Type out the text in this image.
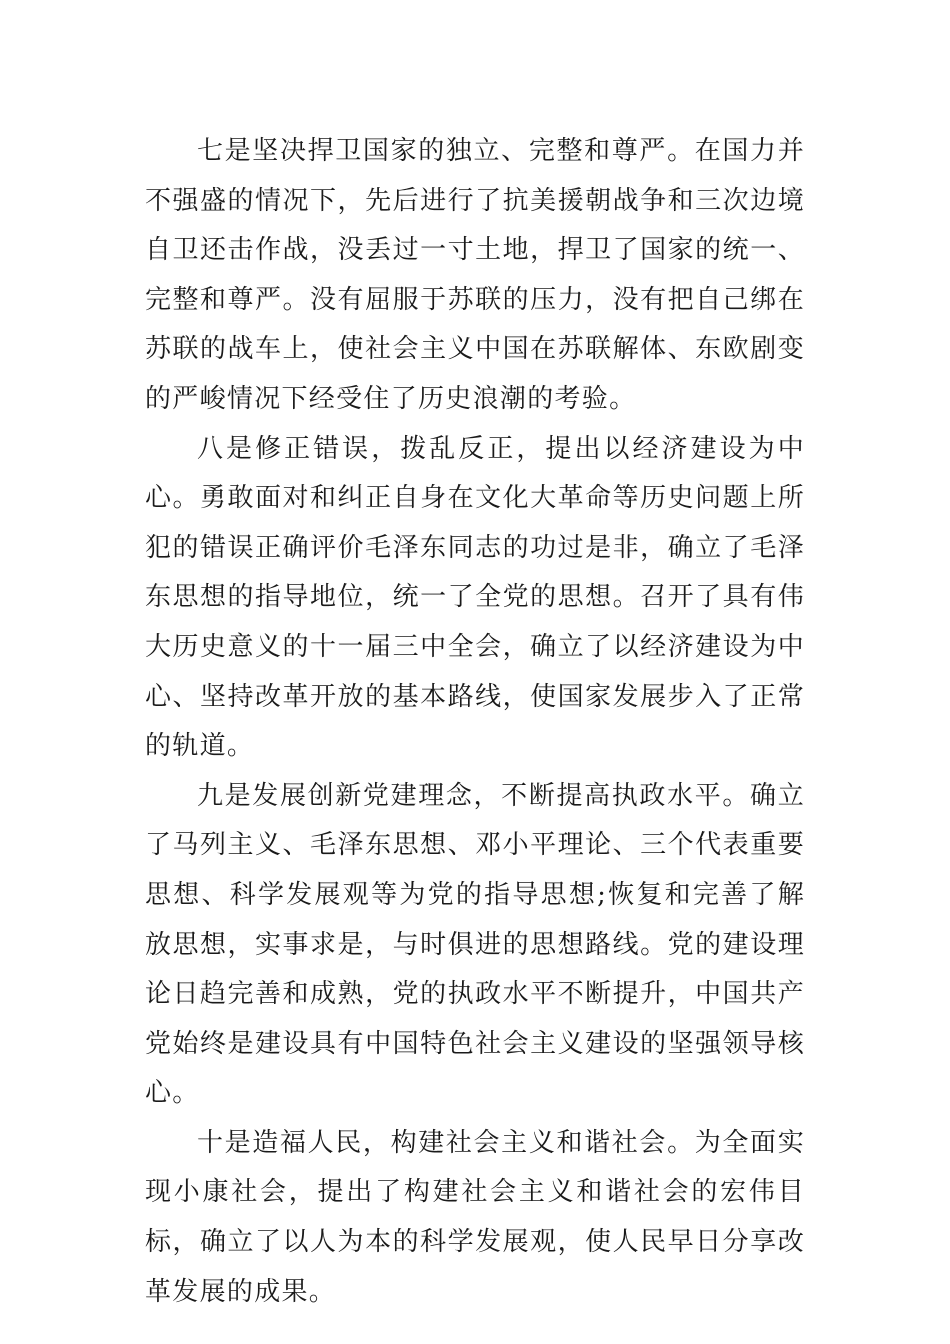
七是坚决捍卫国家的独立、完整和尊严。在国力并不强盛的情况下，先后进行了抗美援朝战争和三次边境自卫还击作战，没丢过一寸土地，捍卫了国家的统一、完整和尊严。没有屈服于苏联的压力，没有把自己绑在苏联的战车上，使社会主义中国在苏联解体、东欧剧变的严峻情况下经受住了历史浪潮的考验。

八是修正错误，拨乱反正，提出以经济建设为中心。勇敢面对和纠正自身在文化大革命等历史问题上所犯的错误正确评价毛泽东同志的功过是非，确立了毛泽东思想的指导地位，统一了全党的思想。召开了具有伟大历史意义的十一届三中全会，确立了以经济建设为中心、坚持改革开放的基本路线，使国家发展步入了正常的轨道。

九是发展创新党建理念，不断提高执政水平。确立了马列主义、毛泽东思想、邓小平理论、三个代表重要思想、科学发展观等为党的指导思想;恢复和完善了解放思想，实事求是，与时俱进的思想路线。党的建设理论日趋完善和成熟，党的执政水平不断提升，中国共产党始终是建设具有中国特色社会主义建设的坚强领导核心。

十是造福人民，构建社会主义和谐社会。为全面实现小康社会，提出了构建社会主义和谐社会的宏伟目标，确立了以人为本的科学发展观，使人民早日分享改革发展的成果。
